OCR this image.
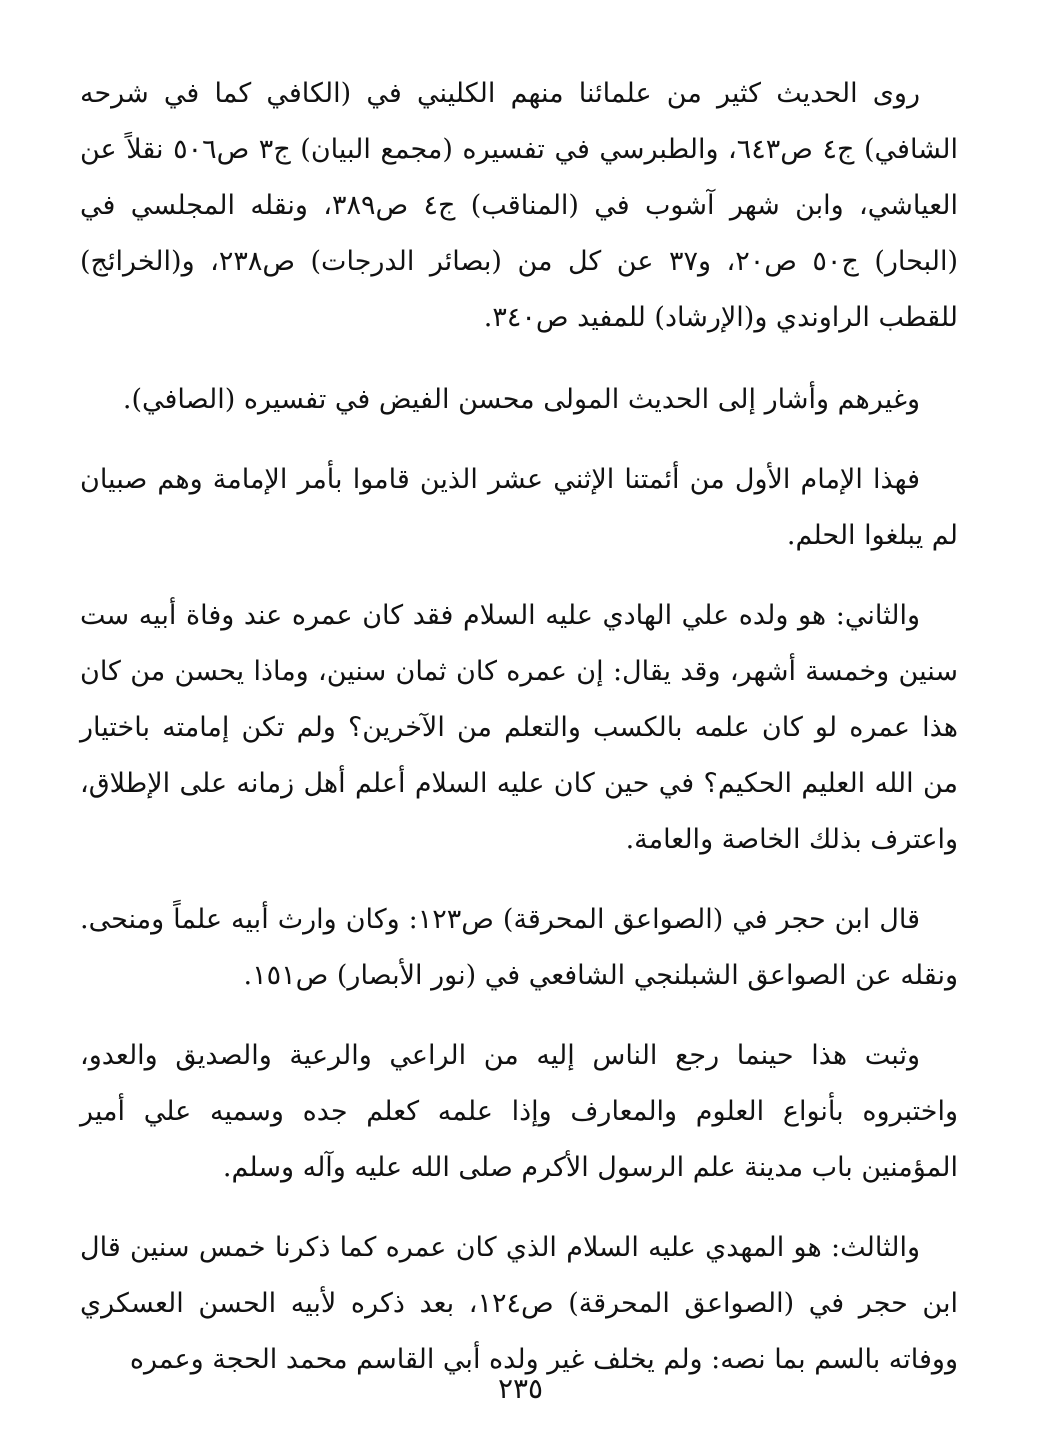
روى الحديث كثير من علمائنا منهم الكليني في (الكافي كما في شرحه الشافي) ج٤ ص٦٤٣، والطبرسي في تفسيره (مجمع البيان) ج٣ ص٥٠٦ نقلاً عن العياشي، وابن شهر آشوب في (المناقب) ج٤ ص٣٨٩، ونقله المجلسي في (البحار) ج٥٠ ص٢٠، و٣٧ عن كل من (بصائر الدرجات) ص٢٣٨، و(الخرائج) للقطب الراوندي و(الإرشاد) للمفيد ص٣٤٠.

وغيرهم وأشار إلى الحديث المولى محسن الفيض في تفسيره (الصافي).

فهذا الإمام الأول من أئمتنا الإثني عشر الذين قاموا بأمر الإمامة وهم صبيان لم يبلغوا الحلم.

والثاني: هو ولده علي الهادي عليه السلام فقد كان عمره عند وفاة أبيه ست سنين وخمسة أشهر، وقد يقال: إن عمره كان ثمان سنين، وماذا يحسن من كان هذا عمره لو كان علمه بالكسب والتعلم من الآخرين؟ ولم تكن إمامته باختيار من الله العليم الحكيم؟ في حين كان عليه السلام أعلم أهل زمانه على الإطلاق، واعترف بذلك الخاصة والعامة.

قال ابن حجر في (الصواعق المحرقة) ص١٢٣: وكان وارث أبيه علماً ومنحى. ونقله عن الصواعق الشبلنجي الشافعي في (نور الأبصار) ص١٥١.

وثبت هذا حينما رجع الناس إليه من الراعي والرعية والصديق والعدو، واختبروه بأنواع العلوم والمعارف وإذا علمه كعلم جده وسميه علي أمير المؤمنين باب مدينة علم الرسول الأكرم صلى الله عليه وآله وسلم.

والثالث: هو المهدي عليه السلام الذي كان عمره كما ذكرنا خمس سنين قال ابن حجر في (الصواعق المحرقة) ص١٢٤، بعد ذكره لأبيه الحسن العسكري ووفاته بالسم بما نصه: ولم يخلف غير ولده أبي القاسم محمد الحجة وعمره

٢٣٥
